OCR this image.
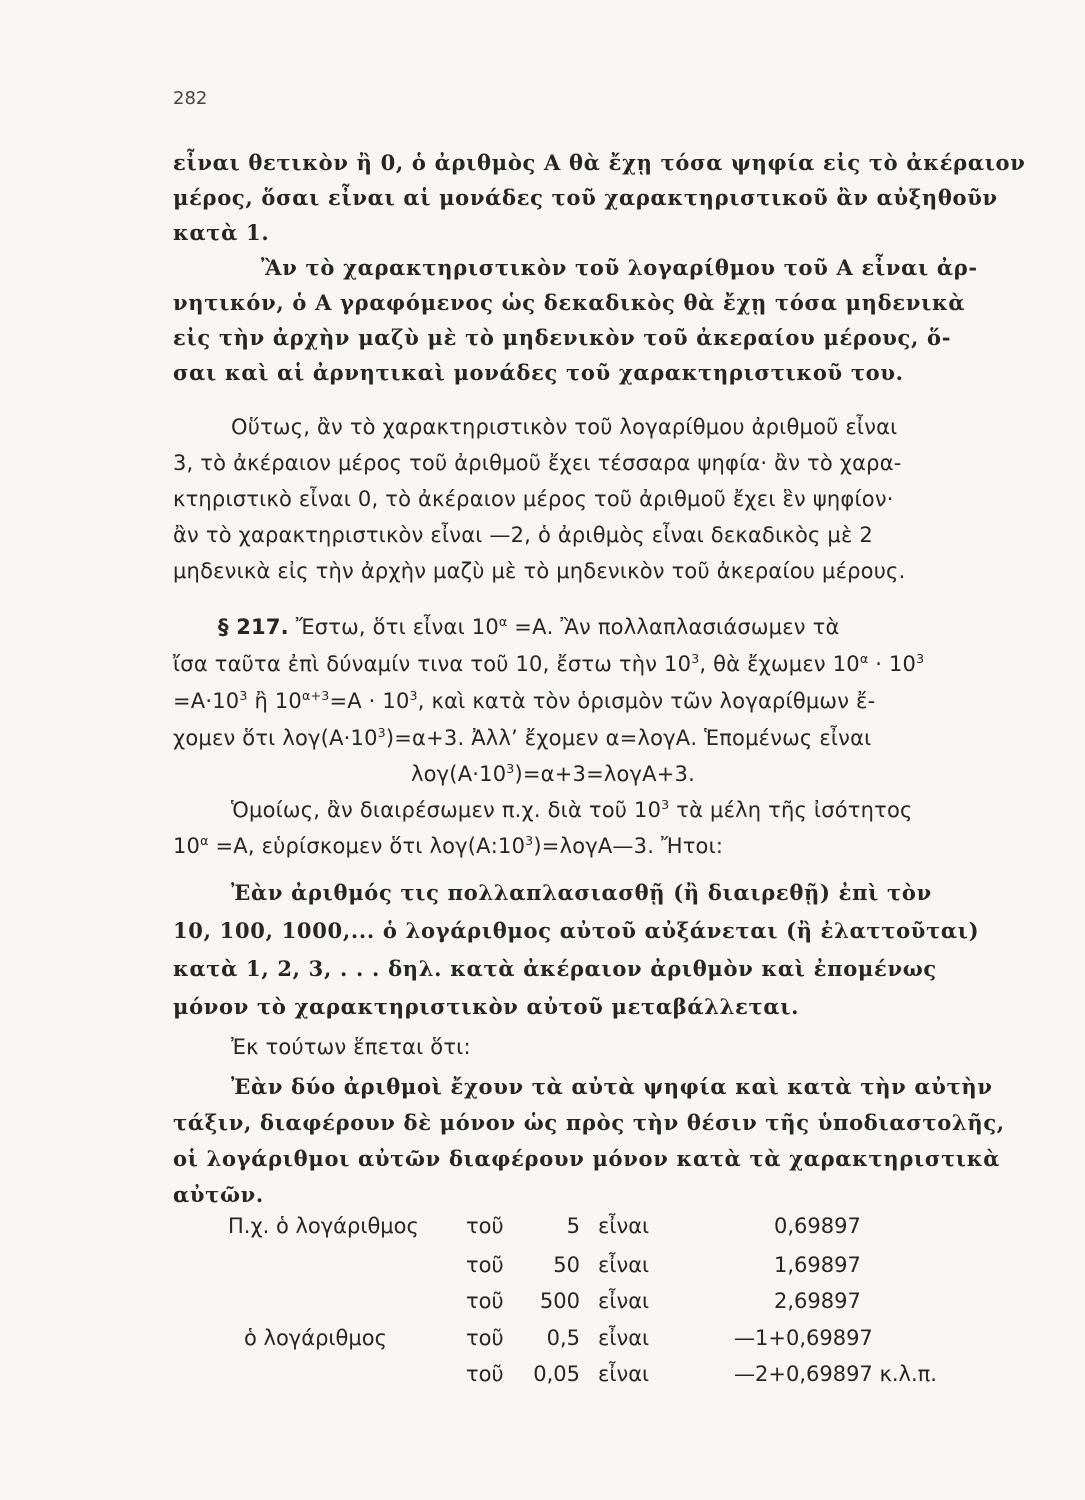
282
εἶναι θετικὸν ἢ 0, ὁ ἀριθμὸς Α θὰ ἔχῃ τόσα ψηφία εἰς τὸ ἀκέραιον
μέρος, ὅσαι εἶναι αἱ μονάδες τοῦ χαρακτηριστικοῦ ἂν αὐξηθοῦν
κατὰ 1.
Ἂν τὸ χαρακτηριστικὸν τοῦ λογαρίθμου τοῦ Α εἶναι ἀρ-
νητικόν, ὁ Α γραφόμενος ὡς δεκαδικὸς θὰ ἔχῃ τόσα μηδενικὰ
εἰς τὴν ἀρχὴν μαζὺ μὲ τὸ μηδενικὸν τοῦ ἀκεραίου μέρους, ὅ-
σαι καὶ αἱ ἀρνητικαὶ μονάδες τοῦ χαρακτηριστικοῦ του.
Οὕτως, ἂν τὸ χαρακτηριστικὸν τοῦ λογαρίθμου ἀριθμοῦ εἶναι
3, τὸ ἀκέραιον μέρος τοῦ ἀριθμοῦ ἔχει τέσσαρα ψηφία· ἂν τὸ χαρα-
κτηριστικὸ εἶναι 0, τὸ ἀκέραιον μέρος τοῦ ἀριθμοῦ ἔχει ἓν ψηφίον·
ἂν τὸ χαρακτηριστικὸν εἶναι —2, ὁ ἀριθμὸς εἶναι δεκαδικὸς μὲ 2
μηδενικὰ εἰς τὴν ἀρχὴν μαζὺ μὲ τὸ μηδενικὸν τοῦ ἀκεραίου μέρους.
§ 217. Ἔστω, ὅτι εἶναι $10^\alpha =A$. Ἂν πολλαπλασιάσωμεν τὰ
ἴσα ταῦτα ἐπὶ δύναμίν τινα τοῦ 10, ἔστω τὴν $10^3$, θὰ ἔχωμεν $10^\alpha \cdot 10^3$
$=A\cdot 10^3$ ἢ $10^{\alpha+3}=A \cdot 10^3$, καὶ κατὰ τὸν ὁρισμὸν τῶν λογαρίθμων ἔ-
χομεν ὅτι $\lambda o\gamma(A\cdot 10^3)=\alpha+3$. Ἀλλ’ ἔχομεν α=λογΑ. Ἑπομένως εἶναι
$\lambda o\gamma(A\cdot 10^3)=\alpha+3=\lambda o\gamma A+3$.
Ὁμοίως, ἂν διαιρέσωμεν π.χ. διὰ τοῦ $10^3$ τὰ μέλη τῆς ἰσότητος
$10^\alpha =A$, εὑρίσκομεν ὅτι $\lambda o\gamma(A:10^3)=\lambda o\gamma A—3$. Ἤτοι:
Ἐὰν ἀριθμός τις πολλαπλασιασθῇ (ἢ διαιρεθῇ) ἐπὶ τὸν
10, 100, 1000,... ὁ λογάριθμος αὐτοῦ αὐξάνεται (ἢ ἐλαττοῦται)
κατὰ 1, 2, 3, . . . δηλ. κατὰ ἀκέραιον ἀριθμὸν καὶ ἐπομένως
μόνον τὸ χαρακτηριστικὸν αὐτοῦ μεταβάλλεται.
Ἐκ τούτων ἕπεται ὅτι:
Ἐὰν δύο ἀριθμοὶ ἔχουν τὰ αὐτὰ ψηφία καὶ κατὰ τὴν αὐτὴν
τάξιν, διαφέρουν δὲ μόνον ὡς πρὸς τὴν θέσιν τῆς ὑποδιαστολῆς,
οἱ λογάριθμοι αὐτῶν διαφέρουν μόνον κατὰ τὰ χαρακτηριστικὰ
αὐτῶν.
Π.χ. ὁ λογάριθμος τοῦ	5 εἶναι	0,69897
τοῦ	50 εἶναι	1,69897
τοῦ	500 εἶναι	2,69897
ὁ λογάριθμος	τοῦ	0,5 εἶναι	—1+0,69897
τοῦ	0,05 εἶναι	—2+0,69897 κ.λ.π.
